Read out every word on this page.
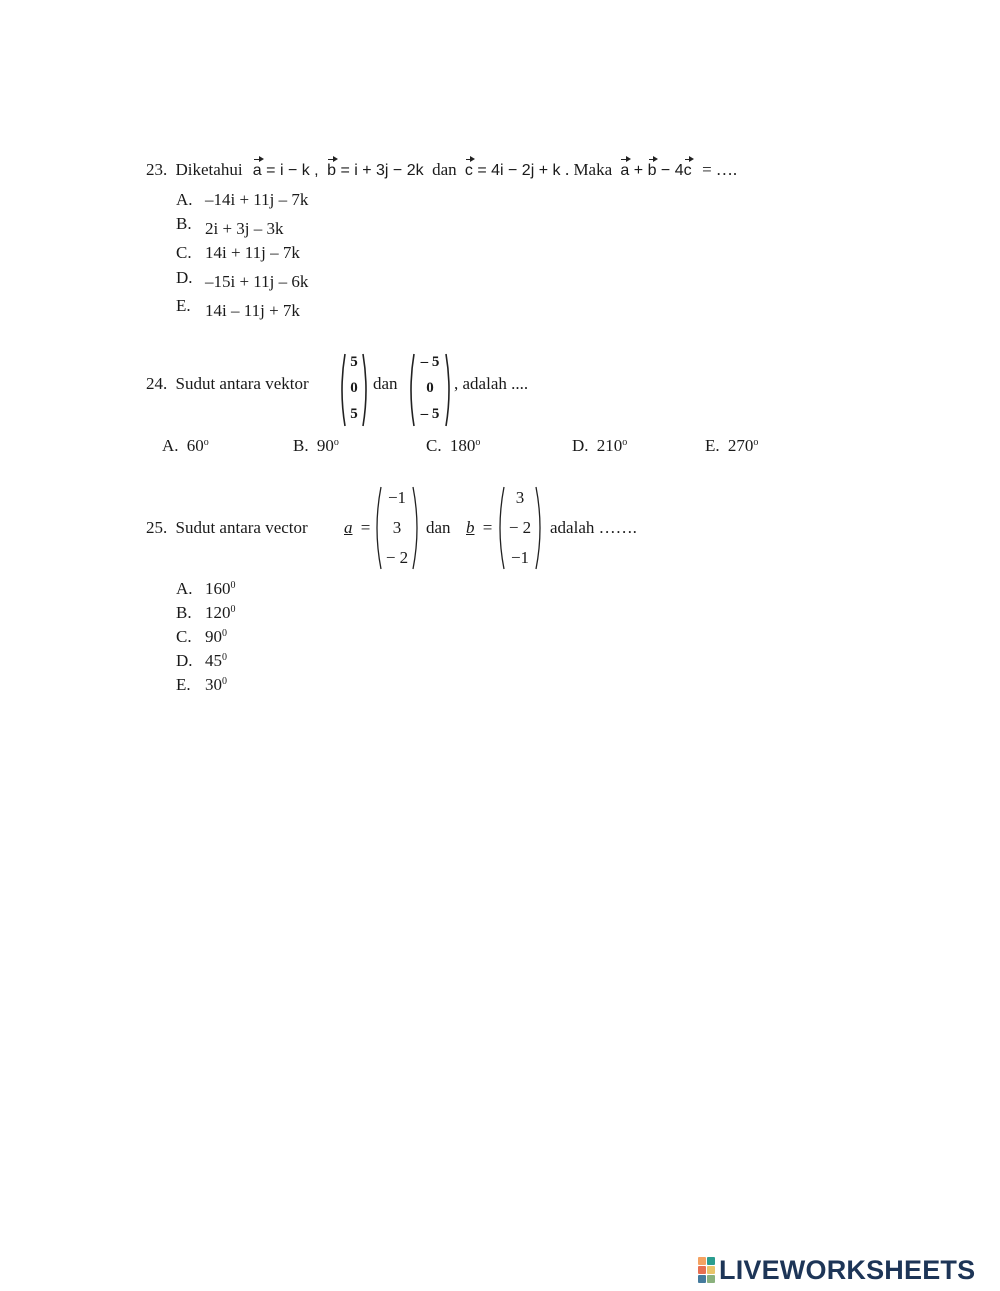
23. Diketahui a = i − k , b = i + 3j − 2k dan c = 4i − 2j + k . Maka a + b − 4c = ….
A. –14i + 11j – 7k
B. 2i + 3j – 3k
C. 14i + 11j – 7k
D. –15i + 11j – 6k
E. 14i – 11j + 7k
24. Sudut antara vektor
5
0
5
dan
– 5
0
– 5
, adalah ....
A. 60$^o$	B. 90$^o$	C. 180$^o$	D. 210$^o$	E. 270$^o$
25. Sudut antara vector a =
−1
3
− 2
dan b =
3
− 2
−1
adalah …….
A. $160^0$
B. $120^0$
C. $90^0$
D. $45^0$
E. $30^0$
LIVEWORKSHEETS
